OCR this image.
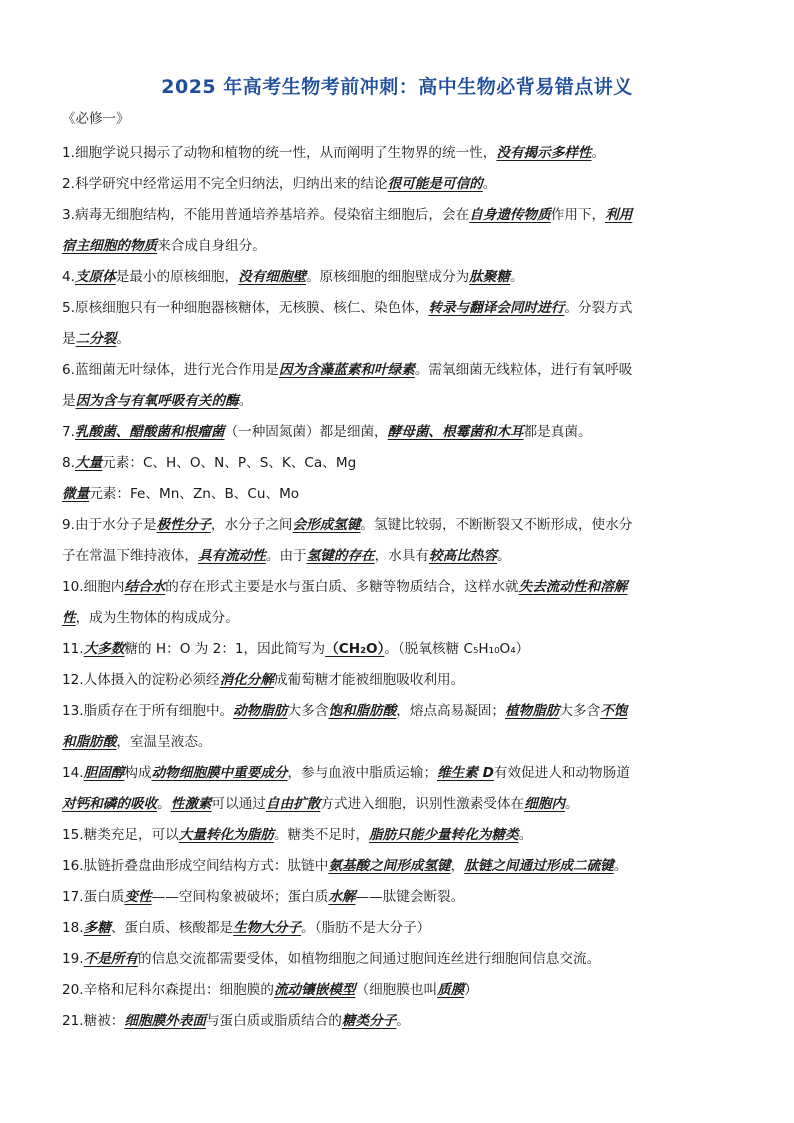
2025 年高考生物考前冲刺：高中生物必背易错点讲义
《必修一》
1.细胞学说只揭示了动物和植物的统一性，从而阐明了生物界的统一性，没有揭示多样性。
2.科学研究中经常运用不完全归纳法，归纳出来的结论很可能是可信的。
3.病毒无细胞结构，不能用普通培养基培养。侵染宿主细胞后，会在自身遗传物质作用下，利用
宿主细胞的物质来合成自身组分。
4.支原体是最小的原核细胞，没有细胞壁。原核细胞的细胞壁成分为肽聚糖。
5.原核细胞只有一种细胞器核糖体，无核膜、核仁、染色体，转录与翻译会同时进行。分裂方式
是二分裂。
6.蓝细菌无叶绿体，进行光合作用是因为含藻蓝素和叶绿素。需氧细菌无线粒体，进行有氧呼吸
是因为含与有氧呼吸有关的酶。
7.乳酸菌、醋酸菌和根瘤菌（一种固氮菌）都是细菌，酵母菌、根霉菌和木耳都是真菌。
8.大量元素：C、H、O、N、P、S、K、Ca、Mg
微量元素：Fe、Mn、Zn、B、Cu、Mo
9.由于水分子是极性分子，水分子之间会形成氢键。氢键比较弱，不断断裂又不断形成，使水分
子在常温下维持液体，具有流动性。由于氢键的存在，水具有较高比热容。
10.细胞内结合水的存在形式主要是水与蛋白质、多糖等物质结合，这样水就失去流动性和溶解
性，成为生物体的构成成分。
11.大多数糖的 H：O 为 2：1，因此简写为（CH₂O）。（脱氧核糖 C₅H₁₀O₄）
12.人体摄入的淀粉必须经消化分解成葡萄糖才能被细胞吸收利用。
13.脂质存在于所有细胞中。动物脂肪大多含饱和脂肪酸，熔点高易凝固；植物脂肪大多含不饱
和脂肪酸，室温呈液态。
14.胆固醇构成动物细胞膜中重要成分，参与血液中脂质运输；维生素 D有效促进人和动物肠道
对钙和磷的吸收。性激素可以通过自由扩散方式进入细胞，识别性激素受体在细胞内。
15.糖类充足，可以大量转化为脂肪。糖类不足时，脂肪只能少量转化为糖类。
16.肽链折叠盘曲形成空间结构方式：肽链中氨基酸之间形成氢键，肽链之间通过形成二硫键。
17.蛋白质变性——空间构象被破坏；蛋白质水解——肽键会断裂。
18.多糖、蛋白质、核酸都是生物大分子。（脂肪不是大分子）
19.不是所有的信息交流都需要受体，如植物细胞之间通过胞间连丝进行细胞间信息交流。
20.辛格和尼科尔森提出：细胞膜的流动镶嵌模型（细胞膜也叫质膜）
21.糖被：细胞膜外表面与蛋白质或脂质结合的糖类分子。
